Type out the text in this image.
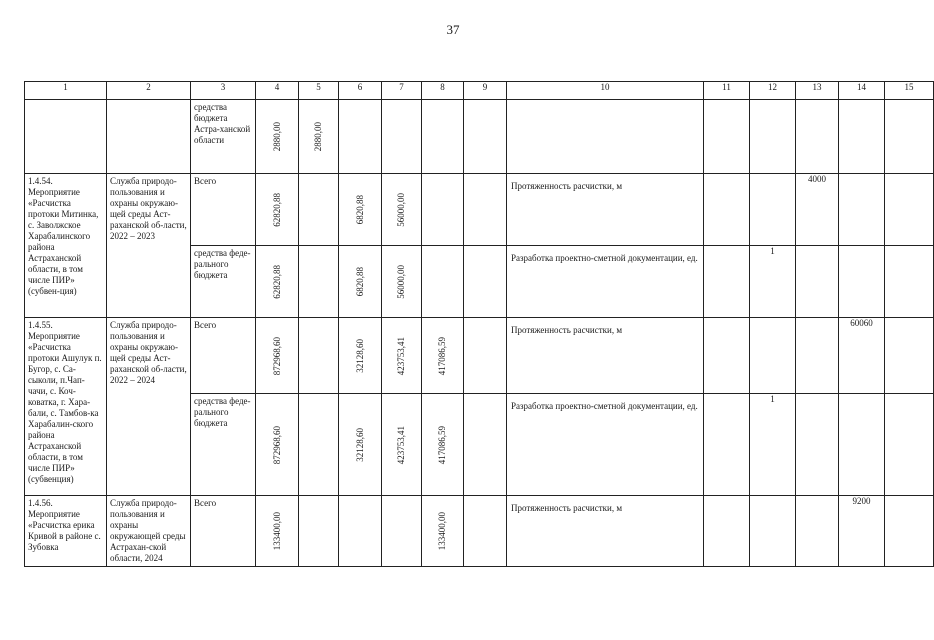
37
1	2	3	4	5	6	7	8	9	10	11	12	13	14	15

		средства бюджета Астра-ханской области	2880,00	2880,00										

1.4.54. Мероприятие «Расчистка протоки Митинка, с. Заволжское Харабалинского района Астраханской области, в том числе ПИР» (субвен-ция)	Служба природо-пользования и охраны окружаю-щей среды Аст-раханской об-ласти, 2022 – 2023	Всего	62820,88		6820,88	56000,00			Протяженность расчистки, м			4000		

		средства феде-рального бюджета	62820,88		6820,88	56000,00			Разработка проектно-сметной документации, ед.		1			

1.4.55. Мероприятие «Расчистка протоки Ашулук п. Бугор, с. Са-сыколи, п.Чап-чачи, с. Коч-коватка, г. Хара-бали, с. Тамбов-ка Харабалин-ского района Астраханской области, в том числе ПИР» (субвенция)	Служба природо-пользования и охраны окружаю-щей среды Аст-раханской об-ласти, 2022 – 2024	Всего	872968,60		32128,60	423753,41	417086,59		Протяженность расчистки, м				60060	

		средства феде-рального бюджета	872968,60		32128,60	423753,41	417086,59		Разработка проектно-сметной документации, ед.		1			

1.4.56. Мероприятие «Расчистка ерика Кривой в районе с. Зубовка	Служба природо-пользования и охраны окружающей среды Астрахан-ской области, 2024	Всего	133400,00				133400,00		Протяженность расчистки, м				9200	
